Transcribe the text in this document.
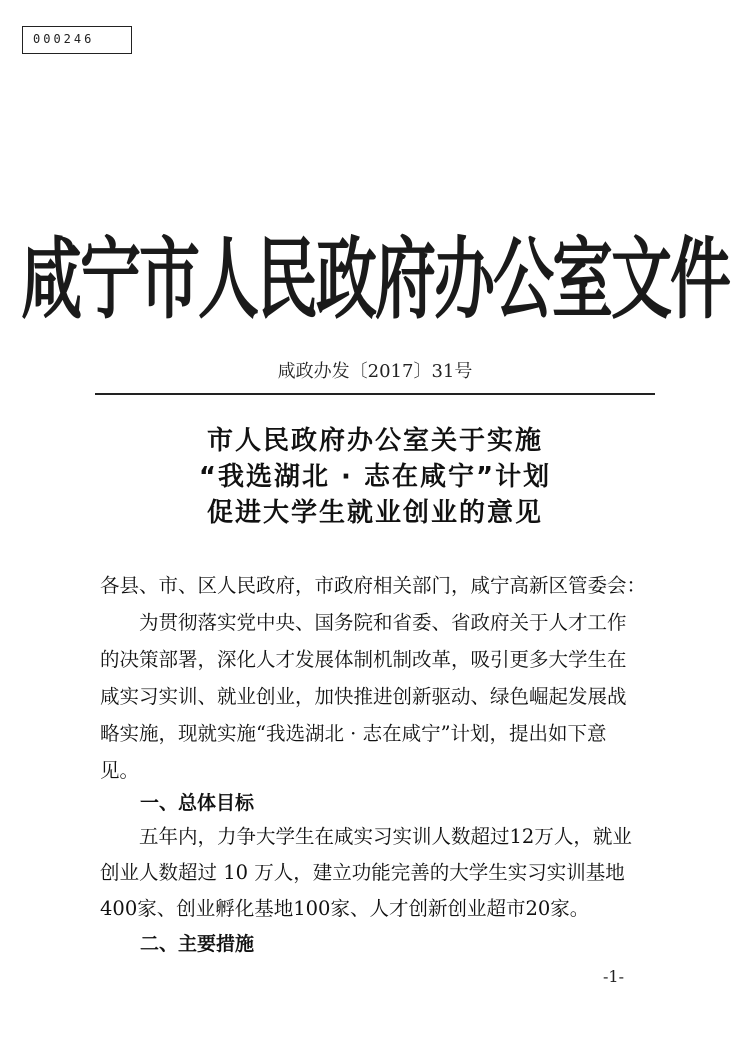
000246
咸宁市人民政府办公室文件
咸政办发〔2017〕31号
市人民政府办公室关于实施
“我选湖北 · 志在咸宁”计划
促进大学生就业创业的意见
各县、市、区人民政府，市政府相关部门，咸宁高新区管委会：
为贯彻落实党中央、国务院和省委、省政府关于人才工作
的决策部署，深化人才发展体制机制改革，吸引更多大学生在
咸实习实训、就业创业，加快推进创新驱动、绿色崛起发展战
略实施，现就实施“我选湖北 · 志在咸宁”计划，提出如下意
见。
一、总体目标
五年内，力争大学生在咸实习实训人数超过12万人，就业
创业人数超过 10 万人，建立功能完善的大学生实习实训基地
400家、创业孵化基地100家、人才创新创业超市20家。
二、主要措施
-1-
